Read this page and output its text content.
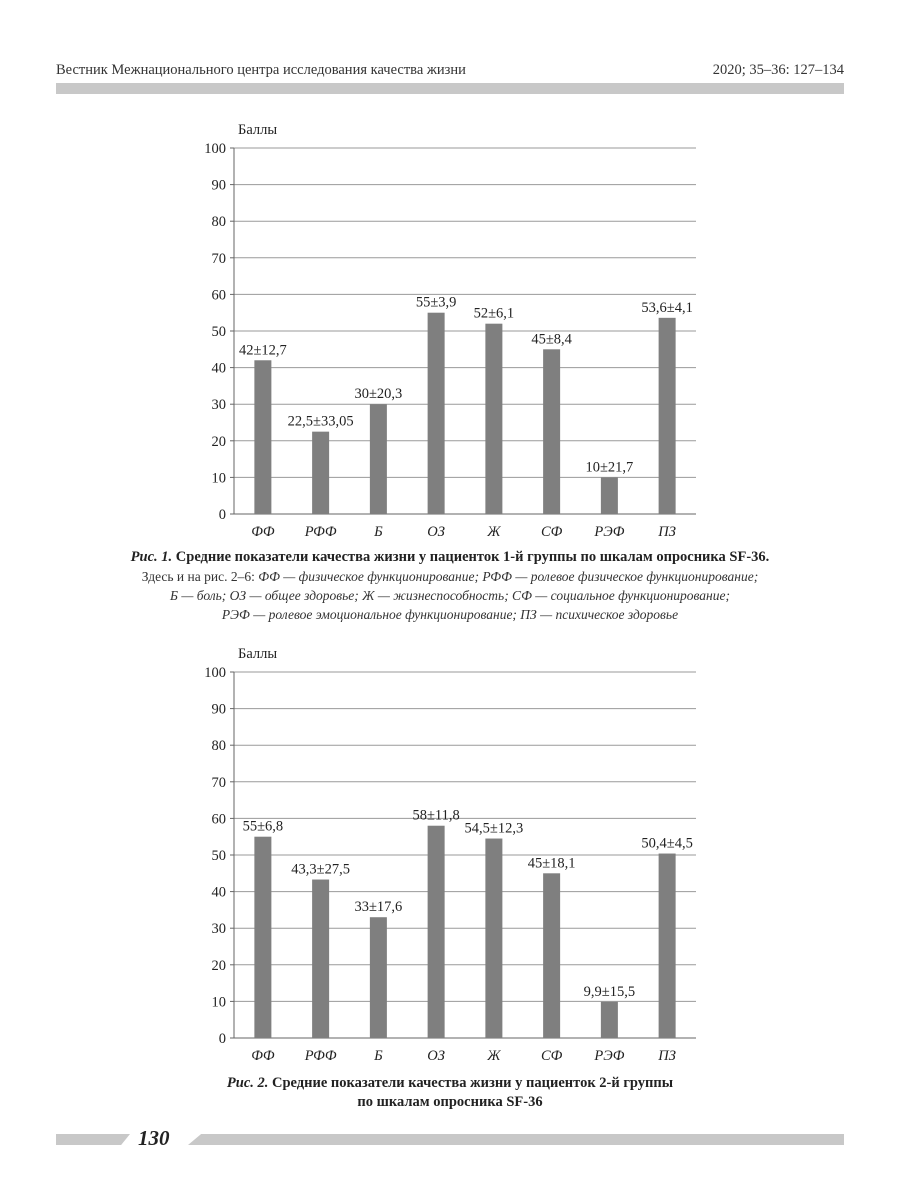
Вестник Межнационального центра исследования качества жизни	2020; 35–36: 127–134
Баллы
0
10
20
30
40
50
60
70
80
90
100
42±12,7
ФФ
22,5±33,05
РФФ
30±20,3
Б
55±3,9
ОЗ
52±6,1
Ж
45±8,4
СФ
10±21,7
РЭФ
53,6±4,1
ПЗ
Рис. 1. Средние показатели качества жизни у пациенток 1-й группы по шкалам опросника SF-36.
Здесь и на рис. 2–6: ФФ — физическое функционирование; РФФ — ролевое физическое функционирование;
Б — боль; ОЗ — общее здоровье; Ж — жизнеспособность; СФ — социальное функционирование;
РЭФ — ролевое эмоциональное функционирование; ПЗ — психическое здоровье
Баллы
0
10
20
30
40
50
60
70
80
90
100
55±6,8
ФФ
43,3±27,5
РФФ
33±17,6
Б
58±11,8
ОЗ
54,5±12,3
Ж
45±18,1
СФ
9,9±15,5
РЭФ
50,4±4,5
ПЗ
Рис. 2. Средние показатели качества жизни у пациенток 2-й группы
по шкалам опросника SF-36
130
